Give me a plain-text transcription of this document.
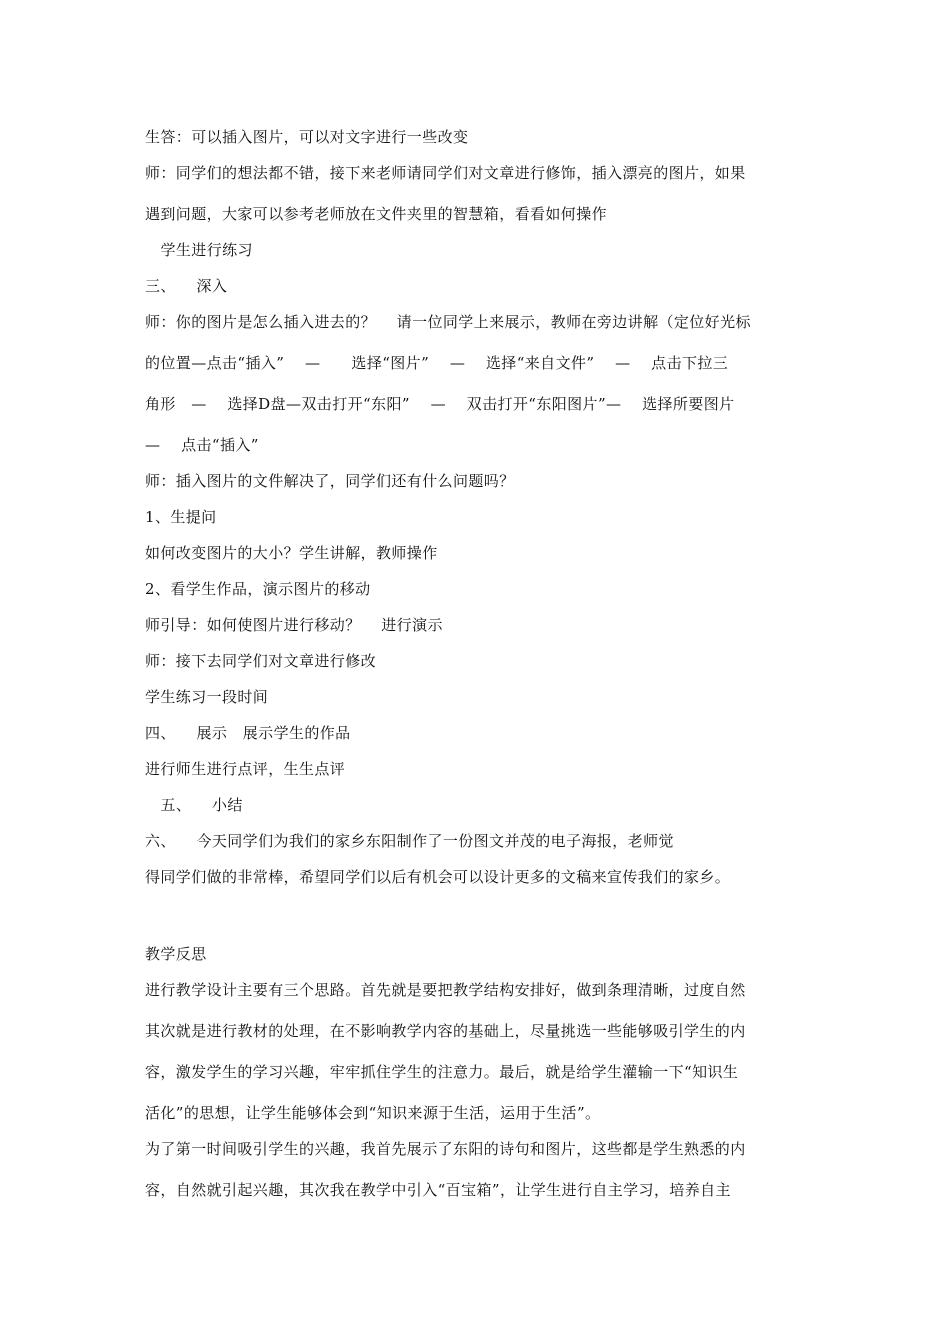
生答：可以插入图片，可以对文字进行一些改变
师：同学们的想法都不错，接下来老师请同学们对文章进行修饰，插入漂亮的图片，如果
遇到问题，大家可以参考老师放在文件夹里的智慧箱，看看如何操作
学生进行练习
三、    深入
师：你的图片是怎么插入进去的？    请一位同学上来展示，教师在旁边讲解（定位好光标
的位置—点击“插入”    —      选择“图片”    —    选择“来自文件”    —    点击下拉三
角形   —    选择D盘—双击打开“东阳”    —    双击打开“东阳图片”—    选择所要图片
—    点击“插入”
师：插入图片的文件解决了，同学们还有什么问题吗？
1、生提问
如何改变图片的大小？学生讲解，教师操作
2、看学生作品，演示图片的移动
师引导：如何使图片进行移动？    进行演示
师：接下去同学们对文章进行修改
学生练习一段时间
四、    展示   展示学生的作品
进行师生进行点评，生生点评
五、    小结
六、    今天同学们为我们的家乡东阳制作了一份图文并茂的电子海报，老师觉
得同学们做的非常棒，希望同学们以后有机会可以设计更多的文稿来宣传我们的家乡。
教学反思
进行教学设计主要有三个思路。首先就是要把教学结构安排好，做到条理清晰，过度自然
其次就是进行教材的处理，在不影响教学内容的基础上，尽量挑选一些能够吸引学生的内
容，激发学生的学习兴趣，牢牢抓住学生的注意力。最后，就是给学生灌输一下“知识生
活化”的思想，让学生能够体会到“知识来源于生活，运用于生活”。
为了第一时间吸引学生的兴趣，我首先展示了东阳的诗句和图片，这些都是学生熟悉的内
容，自然就引起兴趣，其次我在教学中引入“百宝箱”，让学生进行自主学习，培养自主
